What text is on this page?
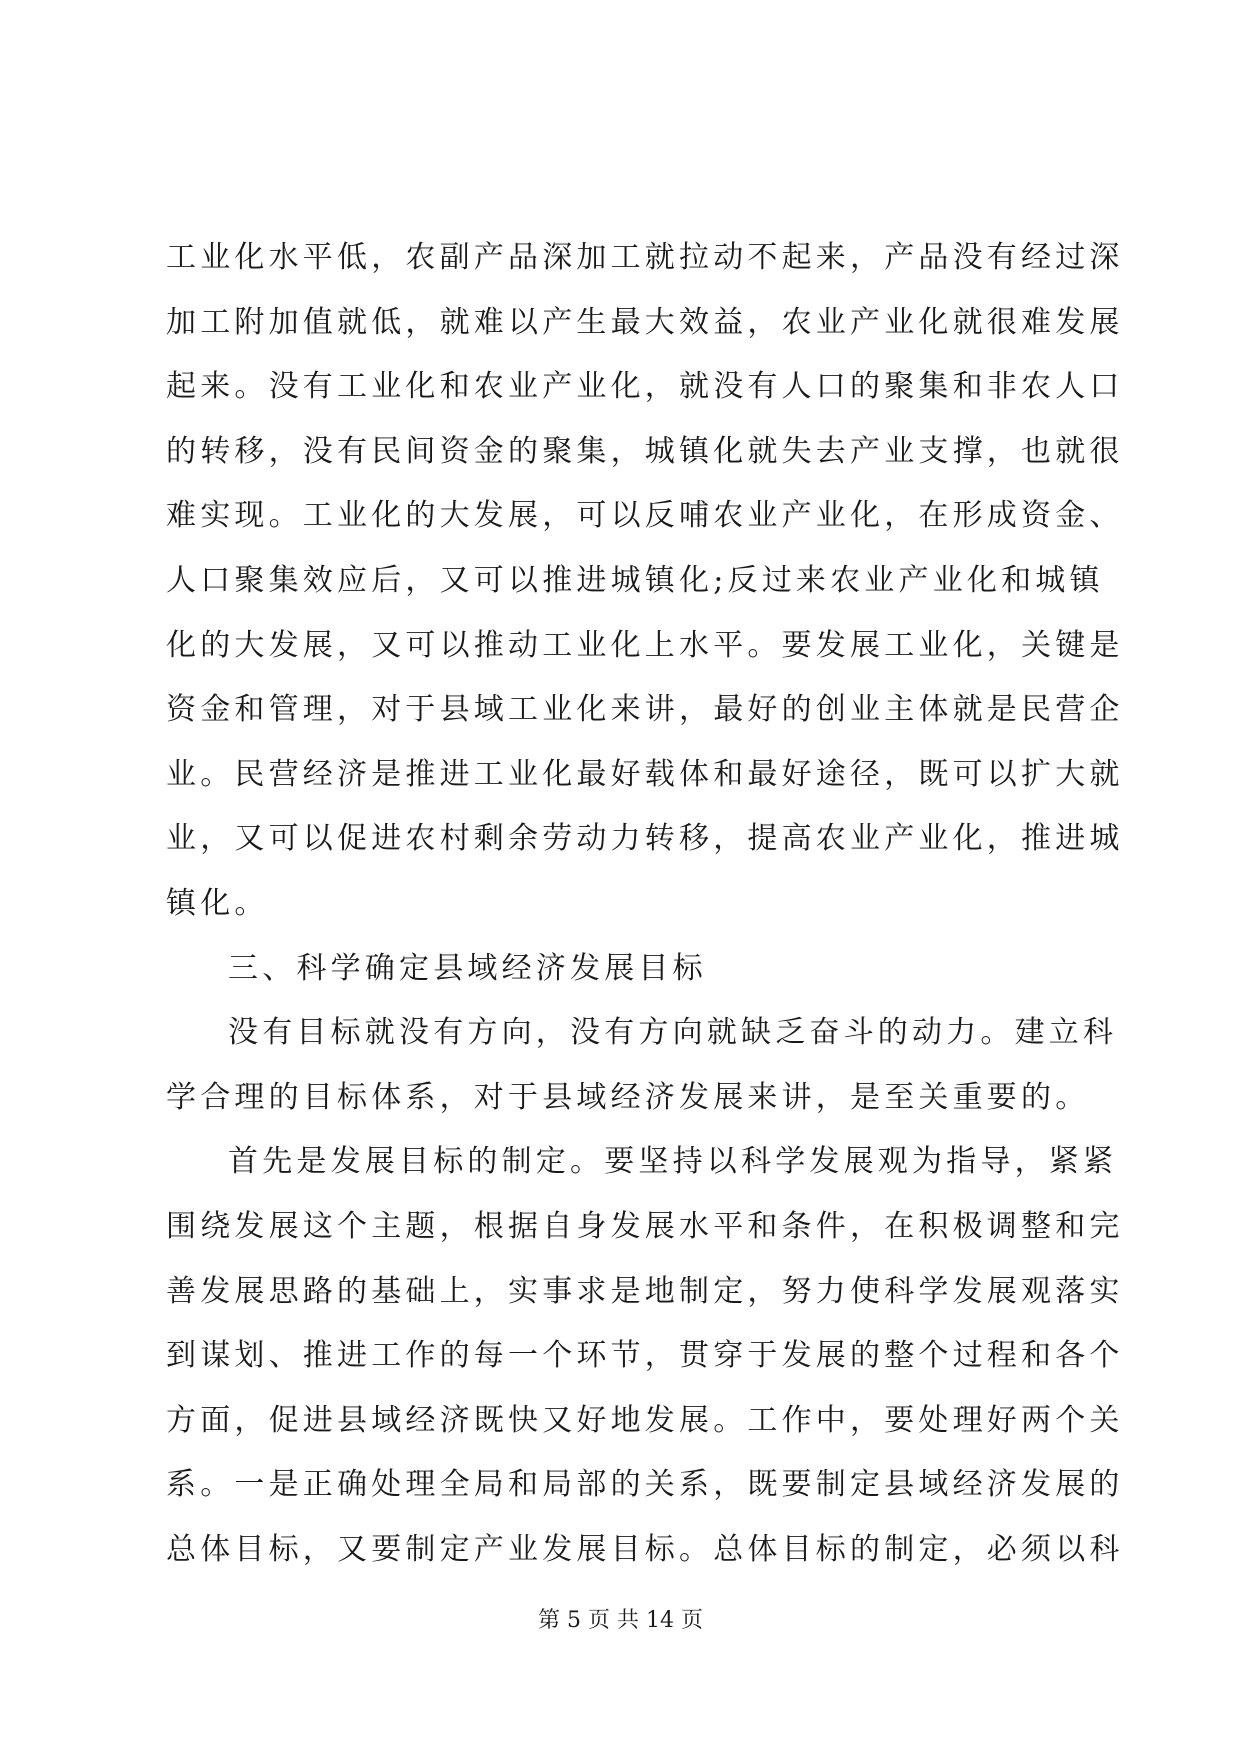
工业化水平低，农副产品深加工就拉动不起来，产品没有经过深
加工附加值就低，就难以产生最大效益，农业产业化就很难发展
起来。没有工业化和农业产业化，就没有人口的聚集和非农人口
的转移，没有民间资金的聚集，城镇化就失去产业支撑，也就很
难实现。工业化的大发展，可以反哺农业产业化，在形成资金、
人口聚集效应后，又可以推进城镇化;反过来农业产业化和城镇
化的大发展，又可以推动工业化上水平。要发展工业化，关键是
资金和管理，对于县域工业化来讲，最好的创业主体就是民营企
业。民营经济是推进工业化最好载体和最好途径，既可以扩大就
业，又可以促进农村剩余劳动力转移，提高农业产业化，推进城
镇化。
三、科学确定县域经济发展目标
没有目标就没有方向，没有方向就缺乏奋斗的动力。建立科
学合理的目标体系，对于县域经济发展来讲，是至关重要的。
首先是发展目标的制定。要坚持以科学发展观为指导，紧紧
围绕发展这个主题，根据自身发展水平和条件，在积极调整和完
善发展思路的基础上，实事求是地制定，努力使科学发展观落实
到谋划、推进工作的每一个环节，贯穿于发展的整个过程和各个
方面，促进县域经济既快又好地发展。工作中，要处理好两个关
系。一是正确处理全局和局部的关系，既要制定县域经济发展的
总体目标，又要制定产业发展目标。总体目标的制定，必须以科
第 5 页 共 14 页
